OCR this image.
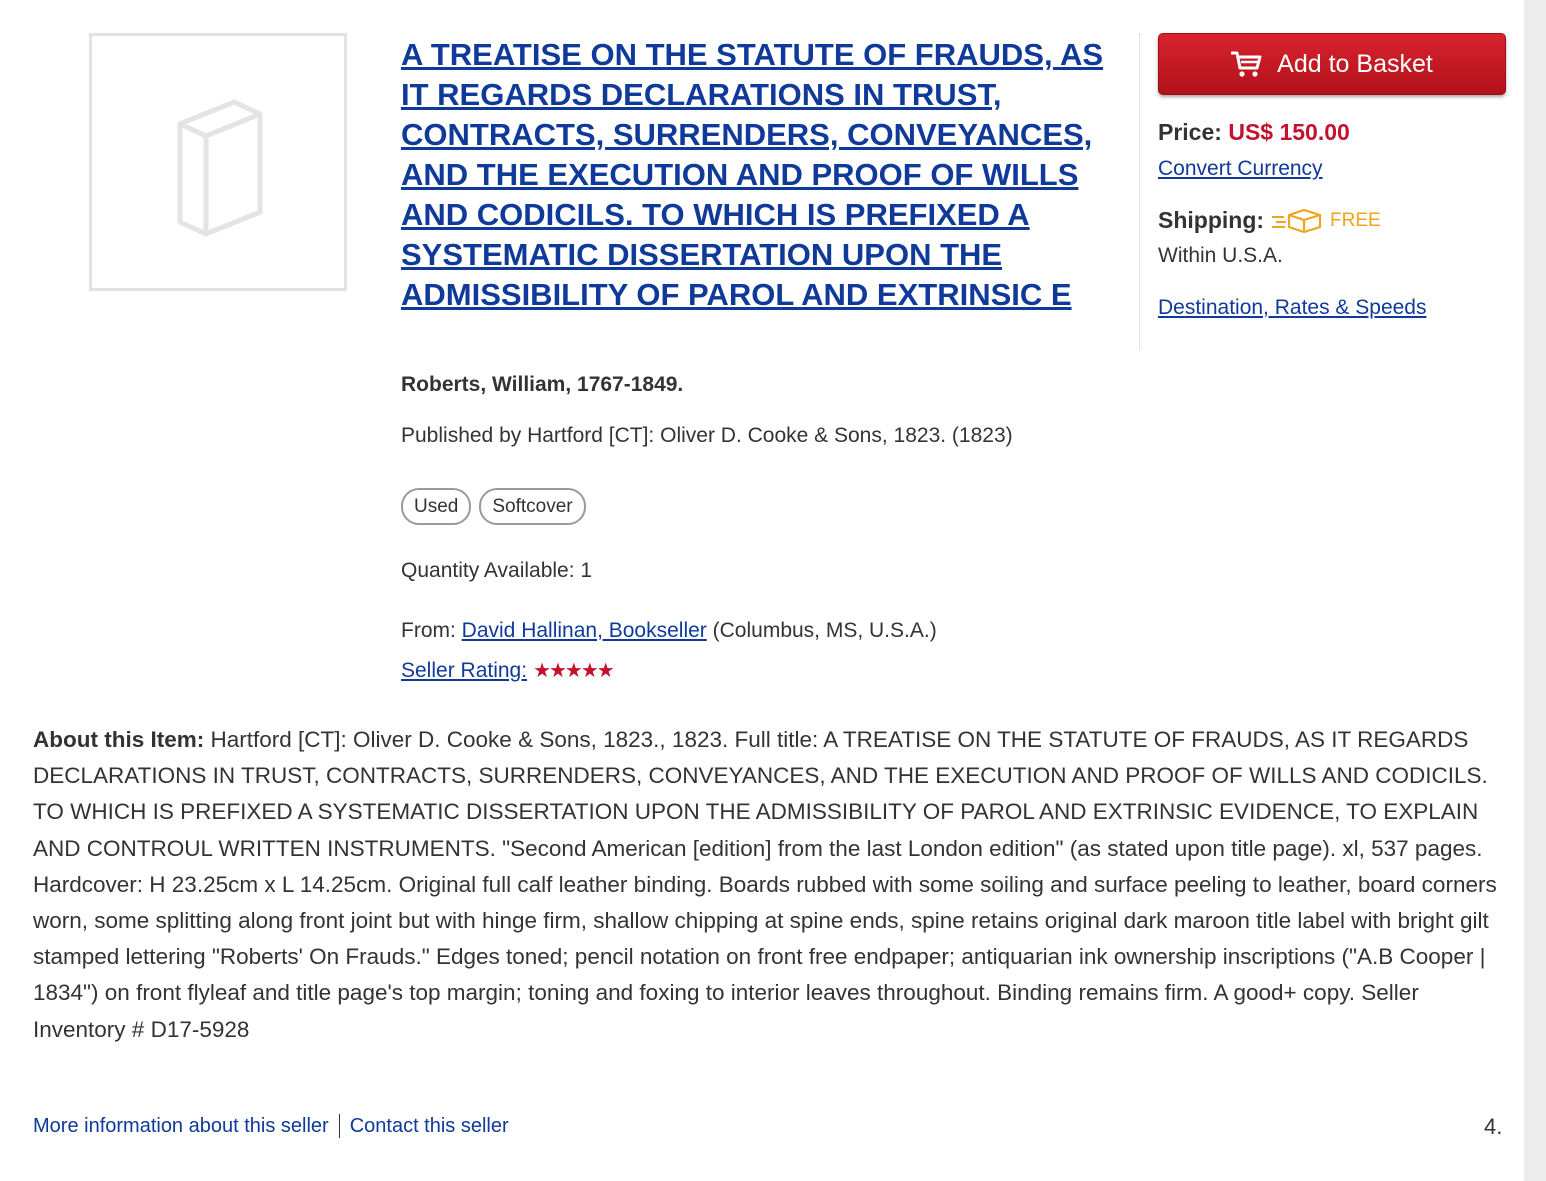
A TREATISE ON THE STATUTE OF FRAUDS, AS IT REGARDS DECLARATIONS IN TRUST, CONTRACTS, SURRENDERS, CONVEYANCES, AND THE EXECUTION AND PROOF OF WILLS AND CODICILS. TO WHICH IS PREFIXED A SYSTEMATIC DISSERTATION UPON THE ADMISSIBILITY OF PAROL AND EXTRINSIC E
Roberts, William, 1767-1849.
Published by Hartford [CT]: Oliver D. Cooke & Sons, 1823. (1823)
Used	Softcover
Quantity Available: 1
From: David Hallinan, Bookseller (Columbus, MS, U.S.A.)
Seller Rating: ★★★★★
Add to Basket
Price: US$ 150.00
Convert Currency
Shipping:	FREE
Within U.S.A.
Destination, Rates & Speeds

About this Item: Hartford [CT]: Oliver D. Cooke & Sons, 1823., 1823. Full title: A TREATISE ON THE STATUTE OF FRAUDS, AS IT REGARDS DECLARATIONS IN TRUST, CONTRACTS, SURRENDERS, CONVEYANCES, AND THE EXECUTION AND PROOF OF WILLS AND CODICILS. TO WHICH IS PREFIXED A SYSTEMATIC DISSERTATION UPON THE ADMISSIBILITY OF PAROL AND EXTRINSIC EVIDENCE, TO EXPLAIN AND CONTROUL WRITTEN INSTRUMENTS. "Second American [edition] from the last London edition" (as stated upon title page). xl, 537 pages. Hardcover: H 23.25cm x L 14.25cm. Original full calf leather binding. Boards rubbed with some soiling and surface peeling to leather, board corners worn, some splitting along front joint but with hinge firm, shallow chipping at spine ends, spine retains original dark maroon title label with bright gilt stamped lettering "Roberts' On Frauds." Edges toned; pencil notation on front free endpaper; antiquarian ink ownership inscriptions ("A.B Cooper | 1834") on front flyleaf and title page's top margin; toning and foxing to interior leaves throughout. Binding remains firm. A good+ copy. Seller Inventory # D17-5928

More information about this seller Contact this seller	4.
